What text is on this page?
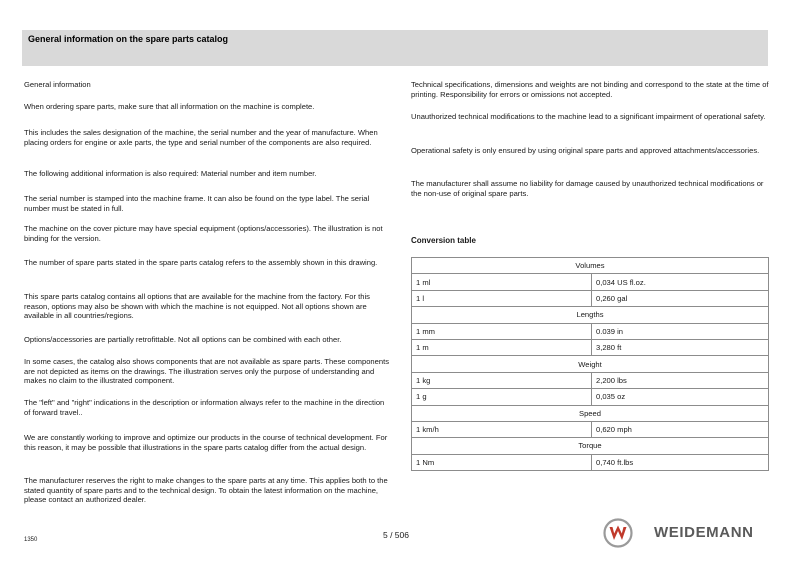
General information on the spare parts catalog
General information
When ordering spare parts, make sure that all information on the machine is complete.
This includes the sales designation of the machine, the serial number and the year of manufacture. When placing orders for engine or axle parts, the type and serial number of the components are also required.
The following additional information is also required: Material number and item number.
The serial number is stamped into the machine frame. It can also be found on the type label. The serial number must be stated in full.
The machine on the cover picture may have special equipment (options/accessories). The illustration is not binding for the version.
The number of spare parts stated in the spare parts catalog refers to the assembly shown in this drawing.
This spare parts catalog contains all options that are available for the machine from the factory. For this reason, options may also be shown with which the machine is not equipped. Not all options shown are available in all countries/regions.
Options/accessories are partially retrofittable. Not all options can be combined with each other.
In some cases, the catalog also shows components that are not available as spare parts. These components are not depicted as items on the drawings. The illustration serves only the purpose of understanding and makes no claim to the illustrated component.
The "left" and "right" indications in the description or information always refer to the machine in the direction of forward travel..
We are constantly working to improve and optimize our products in the course of technical development. For this reason, it may be possible that illustrations in the spare parts catalog differ from the actual design.
The manufacturer reserves the right to make changes to the spare parts at any time. This applies both to the stated quantity of spare parts and to the technical design. To obtain the latest information on the machine, please contact an authorized dealer.
Technical specifications, dimensions and weights are not binding and correspond to the state at the time of printing. Responsibility for errors or omissions not accepted.
Unauthorized technical modifications to the machine lead to a significant impairment of operational safety.
Operational safety is only ensured by using original spare parts and approved attachments/accessories.
The manufacturer shall assume no liability for damage caused by unauthorized technical modifications or the non-use of original spare parts.
Conversion table
Volumes	
1 ml	0,034 US fl.oz.
1 l	0,260 gal
Lengths	
1 mm	0.039 in
1 m	3,280 ft
Weight	
1 kg	2,200 lbs
1 g	0,035 oz
Speed	
1 km/h	0,620 mph
Torque	
1 Nm	0,740 ft.lbs
5 / 506
1350	WEIDEMANN
